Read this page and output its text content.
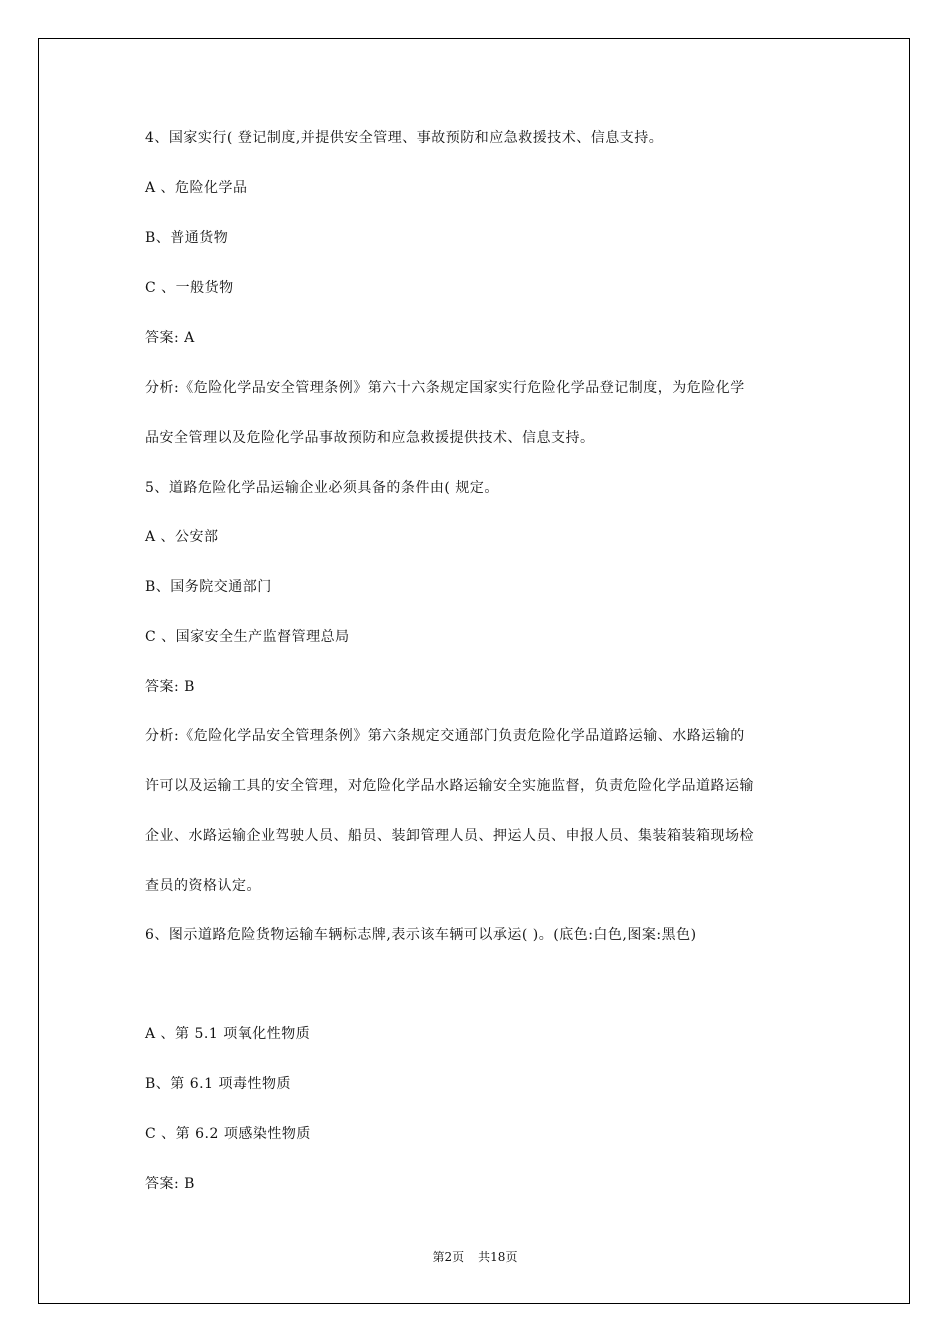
4、国家实行( 登记制度,并提供安全管理、事故预防和应急救援技术、信息支持。
A 、危险化学品
B、普通货物
C 、一般货物
答案: A
分析:《危险化学品安全管理条例》第六十六条规定国家实行危险化学品登记制度，为危险化学
品安全管理以及危险化学品事故预防和应急救援提供技术、信息支持。
5、道路危险化学品运输企业必须具备的条件由( 规定。
A 、公安部
B、国务院交通部门
C 、国家安全生产监督管理总局
答案: B
分析:《危险化学品安全管理条例》第六条规定交通部门负责危险化学品道路运输、水路运输的
许可以及运输工具的安全管理，对危险化学品水路运输安全实施监督，负责危险化学品道路运输
企业、水路运输企业驾驶人员、船员、装卸管理人员、押运人员、申报人员、集装箱装箱现场检
查员的资格认定。
6、图示道路危险货物运输车辆标志牌,表示该车辆可以承运( )。(底色:白色,图案:黑色)
A 、第 5.1 项氧化性物质
B、第 6.1 项毒性物质
C 、第 6.2 项感染性物质
答案: B
第2页 共18页
